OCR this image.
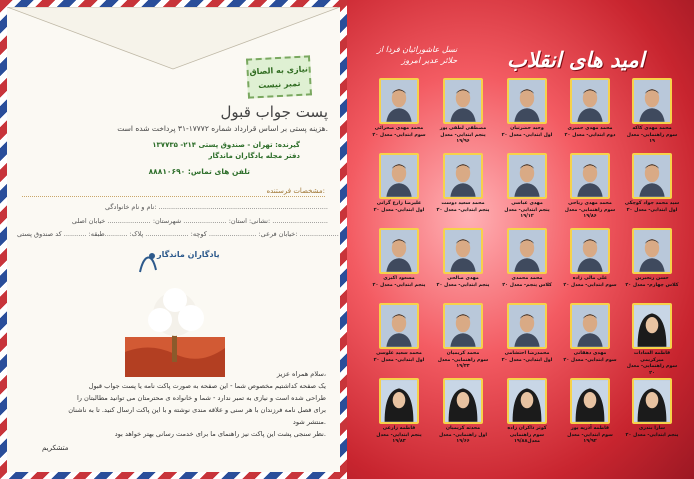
نیازی به الصاق
تمبر نیست
پست جواب قبول
هزینه پستی بر اساس قرارداد شماره ۱۷۷۷۲-۳۱ پرداخت شده است.
گیرنده: تهران - صندوق پستی ۲۱۴- ۱۳۷۷۳۵
دفتر مجله یادگاران ماندگار
تلفن های تماس: ۸۸۸۱۰۶۹۰
مشخصات فرستنده:
نام و نام خانوادگی: ..................................................................................
نشانی: استان: ..................... شهرستان: ..................... خیابان اصلی: ...........................
خیابان فرعی: ....................... کوچه: ..................... پلاک: ...........طبقه: ........... کد صندوق پستی: ...................
یادگاران ماندگار

سلام همراه عزیز،

یک صفحه کداشتیم مخصوص شما - این صفحه به صورت پاکت نامه یا پست جواب قبول

طراحی شده است و نیازی به تمبر ندارد - شما و خانواده ی محترمتان می توانید مطالبتان را

برای فصل نامه فرزندان با هر سنی و علاقه مندی نوشته و با این پاکت ارسال کنید. تا به ناشنان

منتشر شود.

نظر سنجی پشت این پاکت نیز راهنمای ما برای خدمت رسانی بهتر خواهد بود.

متشکریم
امید های انقلاب
نسل عاشورائیان فردا از
حلائر عدیر امروز
محمد مهدی کاکه
سوم راهنمایی- معدل ۱۹
محمد مهدی حمیری
دوم ابتدایی- معدل ۲۰
وحید حضرتیان
اول ابتدایی- معدل ۲۰
مصطفی لطفی پور
پنجم ابتدایی- معدل ۱۹/۹۶
محمد مهدی صحرائی
سوم ابتدایی- معدل ۲۰
سید محمد جواد کوچکی
اول ابتدایی- معدل ۲۰
محمد مهدی ریاحی
سوم راهنمایی- معدل ۱۹/۸۶
مهدی عباسی
پنجم ابتدایی- معدل ۱۹/۱۲
محمد سعید دوست
پنجم ابتدایی- معدل ۲۰
علیرضا زارع گرانی
اول ابتدایی- معدل ۲۰
حسن رنجبرین
کلاس چهارم- معدل ۲۰
علی مالی زاده
سوم ابتدایی- معدل ۲۰
محمد محمدی
کلاس پنجم- معدل ۲۰
مهدی صالحی
پنجم ابتدایی- معدل ۲۰
مسعود اکبری
پنجم ابتدایی- معدل ۲۰
فاطمه السادات میرکریمی
سوم راهنمایی- معدل ۲۰
مهدی دهقانی
سوم ابتدایی- معدل ۲۰
محمدرضا احتشامی
اول ابتدایی- معدل ۲۰
محمد کریمیان
سوم راهنمایی- معدل ۱۹/۴۴
محمد سعید علوسی
اول ابتدایی- معدل ۲۰
سارا بندری
پنجم ابتدایی- معدل ۲۰
فاطمه آذرپه پور
سوم ابتدایی- معدل ۱۹/۹۲
کوثر ذاکران زاده
سوم راهنمایی معدل۱۹/۸۸
محدثه کریمیان
اول راهنمایی- معدل ۱۹/۶۶
فاطمه زارعی
پنجم ابتدایی- معدل ۱۹/۸۳
